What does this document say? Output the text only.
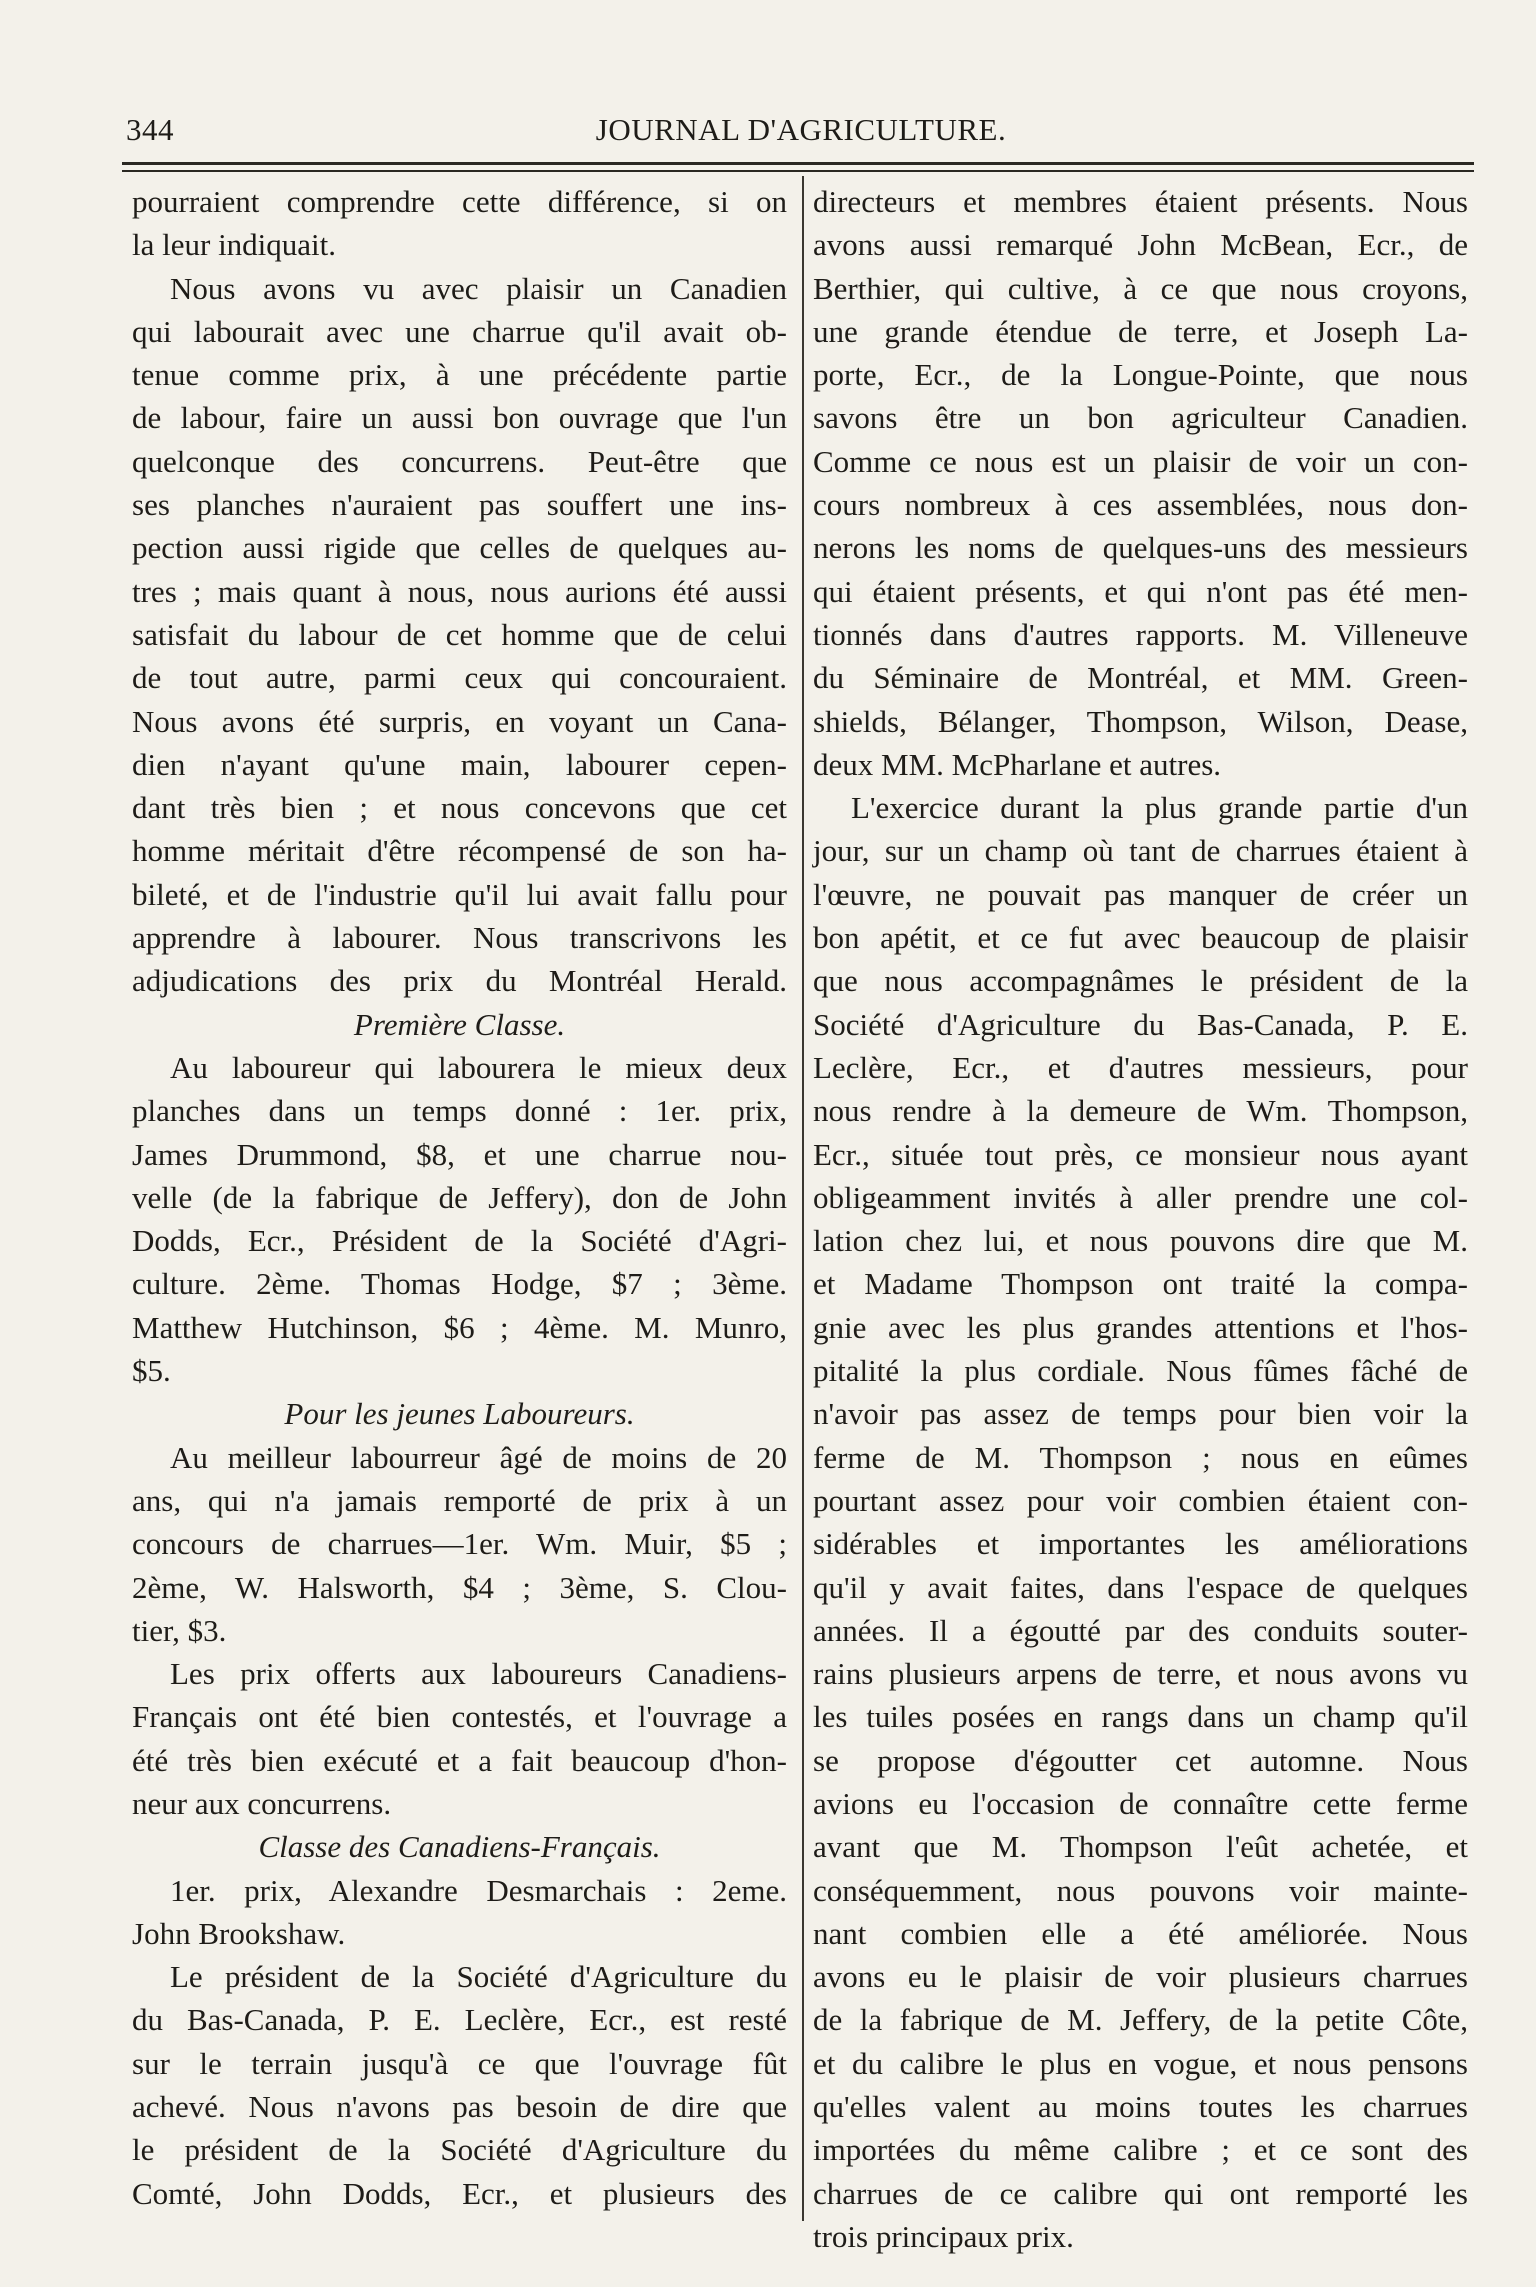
344	JOURNAL D'AGRICULTURE.
pourraient comprendre cette différence, si on
la leur indiquait.
Nous avons vu avec plaisir un Canadien
qui labourait avec une charrue qu'il avait ob-
tenue comme prix, à une précédente partie
de labour, faire un aussi bon ouvrage que l'un
quelconque des concurrens. Peut-être que
ses planches n'auraient pas souffert une ins-
pection aussi rigide que celles de quelques au-
tres ; mais quant à nous, nous aurions été aussi
satisfait du labour de cet homme que de celui
de tout autre, parmi ceux qui concouraient.
Nous avons été surpris, en voyant un Cana-
dien n'ayant qu'une main, labourer cepen-
dant très bien ; et nous concevons que cet
homme méritait d'être récompensé de son ha-
bileté, et de l'industrie qu'il lui avait fallu pour
apprendre à labourer. Nous transcrivons les
adjudications des prix du Montréal Herald.
Première Classe.
Au laboureur qui labourera le mieux deux
planches dans un temps donné : 1er. prix,
James Drummond, $8, et une charrue nou-
velle (de la fabrique de Jeffery), don de John
Dodds, Ecr., Président de la Société d'Agri-
culture. 2ème. Thomas Hodge, $7 ; 3ème.
Matthew Hutchinson, $6 ; 4ème. M. Munro,
$5.
Pour les jeunes Laboureurs.
Au meilleur labourreur âgé de moins de 20
ans, qui n'a jamais remporté de prix à un
concours de charrues—1er. Wm. Muir, $5 ;
2ème, W. Halsworth, $4 ; 3ème, S. Clou-
tier, $3.
Les prix offerts aux laboureurs Canadiens-
Français ont été bien contestés, et l'ouvrage a
été très bien exécuté et a fait beaucoup d'hon-
neur aux concurrens.
Classe des Canadiens-Français.
1er. prix, Alexandre Desmarchais : 2eme.
John Brookshaw.
Le président de la Société d'Agriculture du
du Bas-Canada, P. E. Leclère, Ecr., est resté
sur le terrain jusqu'à ce que l'ouvrage fût
achevé. Nous n'avons pas besoin de dire que
le président de la Société d'Agriculture du
Comté, John Dodds, Ecr., et plusieurs des
directeurs et membres étaient présents. Nous
avons aussi remarqué John McBean, Ecr., de
Berthier, qui cultive, à ce que nous croyons,
une grande étendue de terre, et Joseph La-
porte, Ecr., de la Longue-Pointe, que nous
savons être un bon agriculteur Canadien.
Comme ce nous est un plaisir de voir un con-
cours nombreux à ces assemblées, nous don-
nerons les noms de quelques-uns des messieurs
qui étaient présents, et qui n'ont pas été men-
tionnés dans d'autres rapports. M. Villeneuve
du Séminaire de Montréal, et MM. Green-
shields, Bélanger, Thompson, Wilson, Dease,
deux MM. McPharlane et autres.
L'exercice durant la plus grande partie d'un
jour, sur un champ où tant de charrues étaient à
l'œuvre, ne pouvait pas manquer de créer un
bon apétit, et ce fut avec beaucoup de plaisir
que nous accompagnâmes le président de la
Société d'Agriculture du Bas-Canada, P. E.
Leclère, Ecr., et d'autres messieurs, pour
nous rendre à la demeure de Wm. Thompson,
Ecr., située tout près, ce monsieur nous ayant
obligeamment invités à aller prendre une col-
lation chez lui, et nous pouvons dire que M.
et Madame Thompson ont traité la compa-
gnie avec les plus grandes attentions et l'hos-
pitalité la plus cordiale. Nous fûmes fâché de
n'avoir pas assez de temps pour bien voir la
ferme de M. Thompson ; nous en eûmes
pourtant assez pour voir combien étaient con-
sidérables et importantes les améliorations
qu'il y avait faites, dans l'espace de quelques
années. Il a égoutté par des conduits souter-
rains plusieurs arpens de terre, et nous avons vu
les tuiles posées en rangs dans un champ qu'il
se propose d'égoutter cet automne. Nous
avions eu l'occasion de connaître cette ferme
avant que M. Thompson l'eût achetée, et
conséquemment, nous pouvons voir mainte-
nant combien elle a été améliorée. Nous
avons eu le plaisir de voir plusieurs charrues
de la fabrique de M. Jeffery, de la petite Côte,
et du calibre le plus en vogue, et nous pensons
qu'elles valent au moins toutes les charrues
importées du même calibre ; et ce sont des
charrues de ce calibre qui ont remporté les
trois principaux prix.
